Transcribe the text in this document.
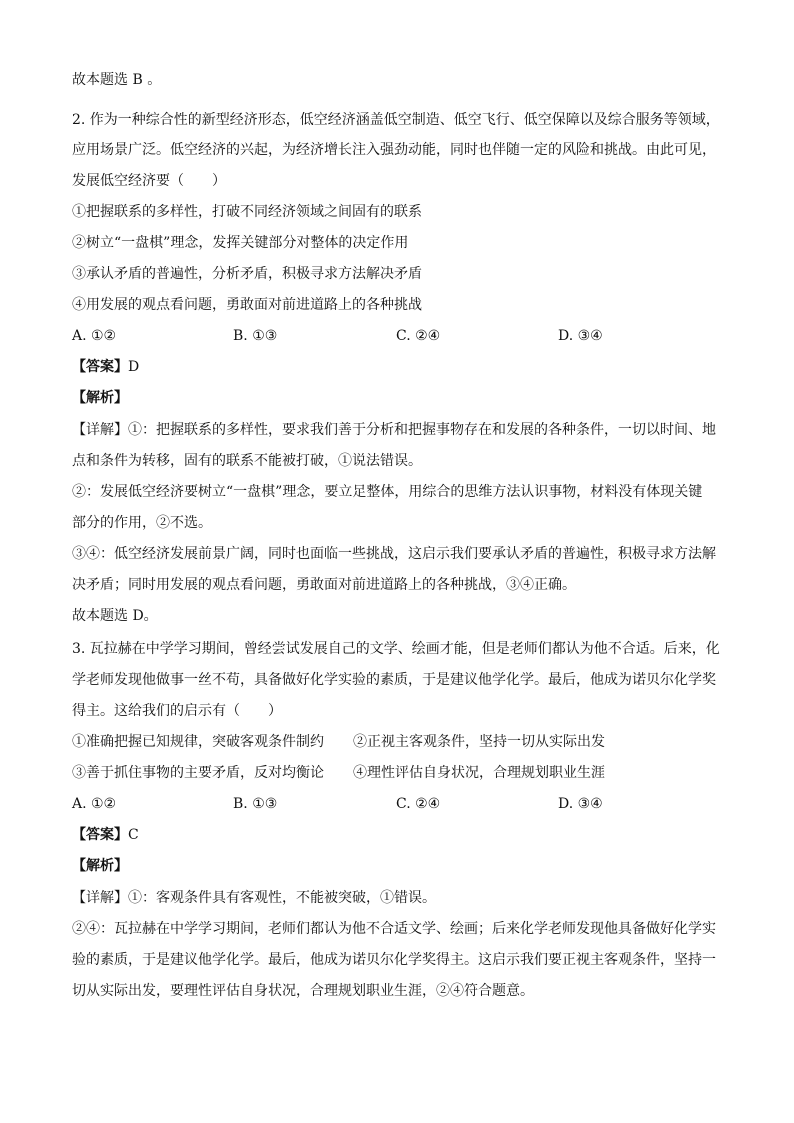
故本题选 B 。
2. 作为一种综合性的新型经济形态，低空经济涵盖低空制造、低空飞行、低空保障以及综合服务等领域，
应用场景广泛。低空经济的兴起，为经济增长注入强劲动能，同时也伴随一定的风险和挑战。由此可见，
发展低空经济要（　　）
①把握联系的多样性，打破不同经济领域之间固有的联系
②树立“一盘棋”理念，发挥关键部分对整体的决定作用
③承认矛盾的普遍性，分析矛盾，积极寻求方法解决矛盾
④用发展的观点看问题，勇敢面对前进道路上的各种挑战
A. ①②	B. ①③	C. ②④	D. ③④
【答案】D
【解析】
【详解】①：把握联系的多样性，要求我们善于分析和把握事物存在和发展的各种条件，一切以时间、地
点和条件为转移，固有的联系不能被打破，①说法错误。
②：发展低空经济要树立“一盘棋”理念，要立足整体，用综合的思维方法认识事物，材料没有体现关键
部分的作用，②不选。
③④：低空经济发展前景广阔，同时也面临一些挑战，这启示我们要承认矛盾的普遍性，积极寻求方法解
决矛盾；同时用发展的观点看问题，勇敢面对前进道路上的各种挑战，③④正确。
故本题选 D。
3. 瓦拉赫在中学学习期间，曾经尝试发展自己的文学、绘画才能，但是老师们都认为他不合适。后来，化
学老师发现他做事一丝不苟，具备做好化学实验的素质，于是建议他学化学。最后，他成为诺贝尔化学奖
得主。这给我们的启示有（　　）
①准确把握已知规律，突破客观条件制约 ②正视主客观条件，坚持一切从实际出发
③善于抓住事物的主要矛盾，反对均衡论 ④理性评估自身状况，合理规划职业生涯
A. ①②	B. ①③	C. ②④	D. ③④
【答案】C
【解析】
【详解】①：客观条件具有客观性，不能被突破，①错误。
②④：瓦拉赫在中学学习期间，老师们都认为他不合适文学、绘画；后来化学老师发现他具备做好化学实
验的素质，于是建议他学化学。最后，他成为诺贝尔化学奖得主。这启示我们要正视主客观条件，坚持一
切从实际出发，要理性评估自身状况，合理规划职业生涯，②④符合题意。
